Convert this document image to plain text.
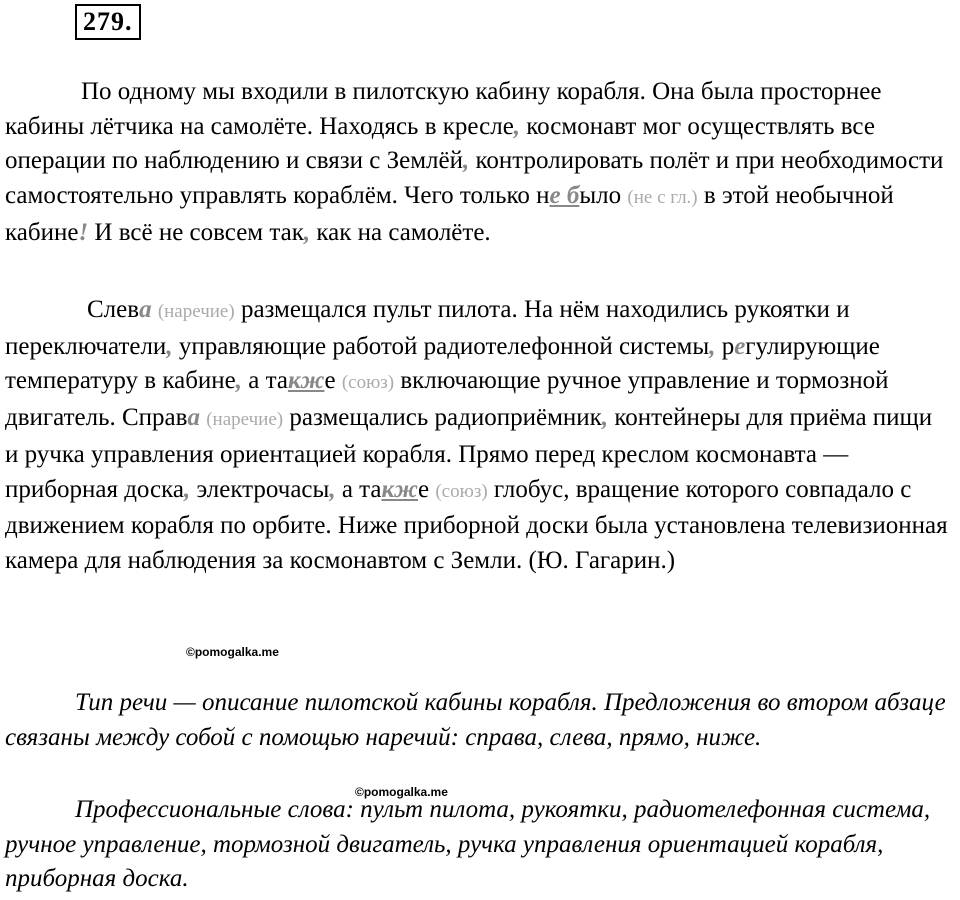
279.

По одному мы входили в пилотскую кабину корабля. Она была просторнее кабины лётчика на самолёте. Находясь в кресле, космонавт мог осуществлять все операции по наблюдению и связи с Землёй, контролировать полёт и при необходимости самостоятельно управлять кораблём. Чего только не было (не с гл.) в этой необычной кабине! И всё не совсем так, как на самолёте.

Слева (наречие) размещался пульт пилота. На нём находились рукоятки и переключатели, управляющие работой радиотелефонной системы, регулирующие температуру в кабине, а также (союз) включающие ручное управление и тормозной двигатель. Справа (наречие) размещались радиоприёмник, контейнеры для приёма пищи и ручка управления ориентацией корабля. Прямо перед креслом космонавта — приборная доска, электрочасы, а также (союз) глобус, вращение которого совпадало с движением корабля по орбите. Ниже приборной доски была установлена телевизионная камера для наблюдения за космонавтом с Земли. (Ю. Гагарин.)

©pomogalka.me

Тип речи — описание пилотской кабины корабля. Предложения во втором абзаце связаны между собой с помощью наречий: справа, слева, прямо, ниже.

©pomogalka.me

Профессиональные слова: пульт пилота, рукоятки, радиотелефонная система, ручное управление, тормозной двигатель, ручка управления ориентацией корабля, приборная доска.
